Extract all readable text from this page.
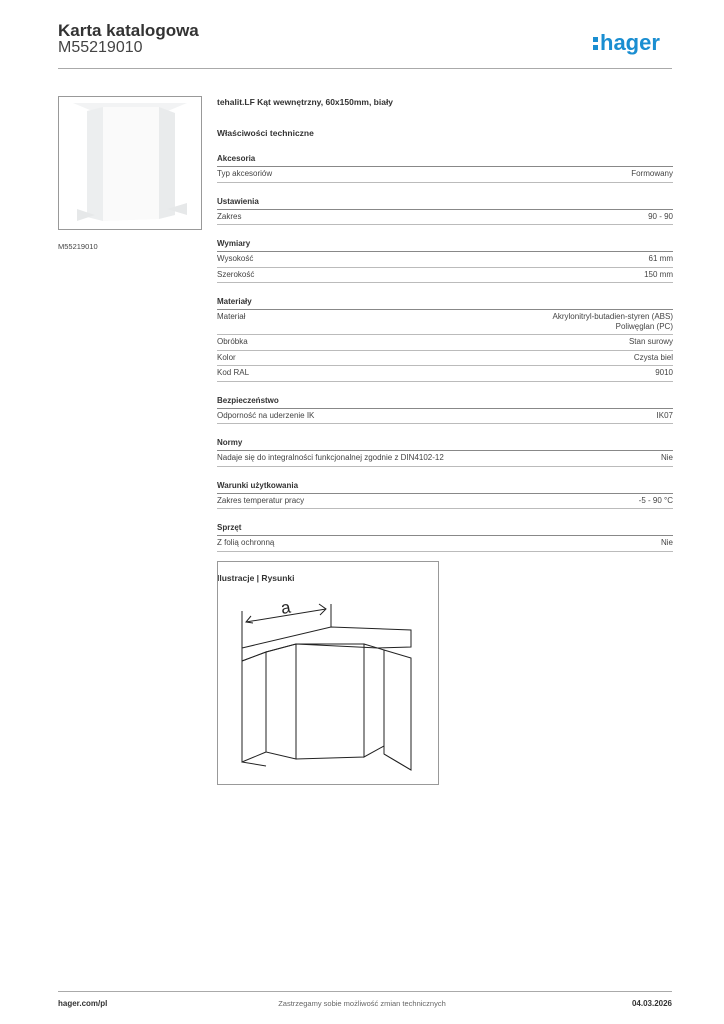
Karta katalogowa
M55219010	hager
M55219010
tehalit.LF Kąt wewnętrzny, 60x150mm, biały
Właściwości techniczne
Akcesoria
Typ akcesoriów	Formowany
Ustawienia
Zakres	90 - 90
Wymiary
Wysokość	61 mm
Szerokość	150 mm
Materiały
Materiał	Akrylonitryl-butadien-styren (ABS)
Poliwęglan (PC)
Obróbka	Stan surowy
Kolor	Czysta biel
Kod RAL	9010
Bezpieczeństwo
Odporność na uderzenie IK	IK07
Normy
Nadaje się do integralności funkcjonalnej zgodnie z DIN4102-12	Nie
Warunki użytkowania
Zakres temperatur pracy	-5 - 90 °C
Sprzęt
Z folią ochronną	Nie
Ilustracje | Rysunki
a
hager.com/pl	Zastrzegamy sobie możliwość zmian technicznych	04.03.2026
